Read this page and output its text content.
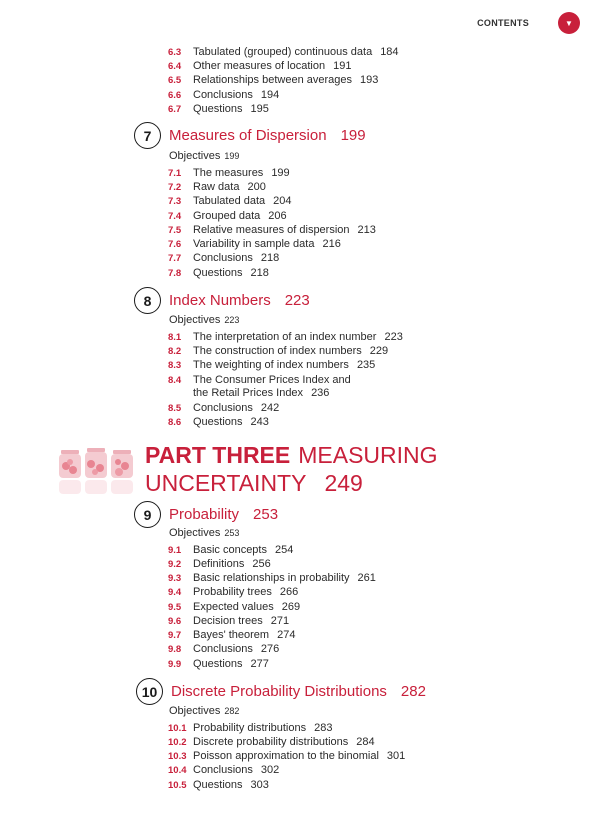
CONTENTS	▼
6.3 Tabulated (grouped) continuous data 184
6.4 Other measures of location 191
6.5 Relationships between averages 193
6.6 Conclusions 194
6.7 Questions 195
7	Measures of Dispersion 199
Objectives 199
7.1 The measures 199
7.2 Raw data 200
7.3 Tabulated data 204
7.4 Grouped data 206
7.5 Relative measures of dispersion 213
7.6 Variability in sample data 216
7.7 Conclusions 218
7.8 Questions 218
8	Index Numbers 223
Objectives 223
8.1 The interpretation of an index number 223
8.2 The construction of index numbers 229
8.3 The weighting of index numbers 235
8.4 The Consumer Prices Index and
the Retail Prices Index 236
8.5 Conclusions 242
8.6 Questions 243
PART THREE MEASURING
UNCERTAINTY 249
9	Probability 253
Objectives 253
9.1 Basic concepts 254
9.2 Definitions 256
9.3 Basic relationships in probability 261
9.4 Probability trees 266
9.5 Expected values 269
9.6 Decision trees 271
9.7 Bayes' theorem 274
9.8 Conclusions 276
9.9 Questions 277
10 Discrete Probability Distributions 282
Objectives 282
10.1 Probability distributions 283
10.2 Discrete probability distributions 284
10.3 Poisson approximation to the binomial 301
10.4 Conclusions 302
10.5 Questions 303
